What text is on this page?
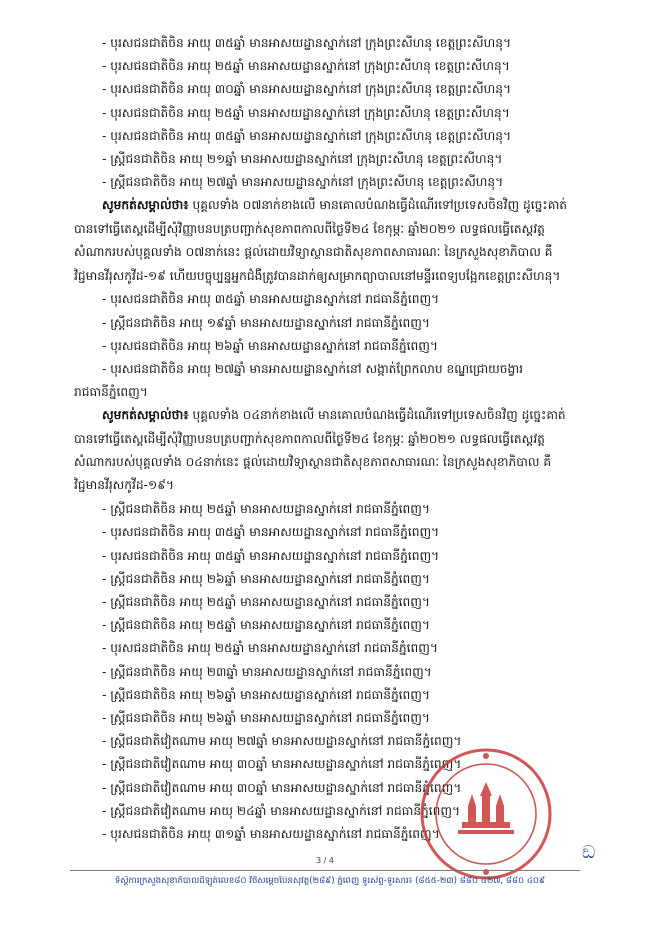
- បុរសជនជាតិចិន អាយុ ៣៥ឆ្នាំ មានអាសយដ្ឋានស្នាក់នៅ ក្រុងព្រះសីហនុ ខេត្តព្រះសីហនុ។
- បុរសជនជាតិចិន អាយុ ២៥ឆ្នាំ មានអាសយដ្ឋានស្នាក់នៅ ក្រុងព្រះសីហនុ ខេត្តព្រះសីហនុ។
- បុរសជនជាតិចិន អាយុ ៣០ឆ្នាំ មានអាសយដ្ឋានស្នាក់នៅ ក្រុងព្រះសីហនុ ខេត្តព្រះសីហនុ។
- បុរសជនជាតិចិន អាយុ ២៥ឆ្នាំ មានអាសយដ្ឋានស្នាក់នៅ ក្រុងព្រះសីហនុ ខេត្តព្រះសីហនុ។
- បុរសជនជាតិចិន អាយុ ៣៥ឆ្នាំ មានអាសយដ្ឋានស្នាក់នៅ ក្រុងព្រះសីហនុ ខេត្តព្រះសីហនុ។
- ស្ត្រីជនជាតិចិន អាយុ ២១ឆ្នាំ មានអាសយដ្ឋានស្នាក់នៅ ក្រុងព្រះសីហនុ ខេត្តព្រះសីហនុ។
- ស្ត្រីជនជាតិចិន អាយុ ២៧ឆ្នាំ មានអាសយដ្ឋានស្នាក់នៅ ក្រុងព្រះសីហនុ ខេត្តព្រះសីហនុ។
សូមកត់សម្គាល់ថា៖ បុគ្គលទាំង ០៧នាក់ខាងលើ មានគោលបំណងធ្វើដំណើរទៅប្រទេសចិនវិញ ដូច្នេះគាត់ បានទៅធ្វើតេស្តដើម្បីសុំវិញ្ញាបនបត្របញ្ជាក់សុខភាពកាលពីថ្ងៃទី២៤ ខែកុម្ភៈ ឆ្នាំ២០២១ លទ្ធផលធ្វើតេស្តវត្តសំណាករបស់បុគ្គលទាំង ០៧នាក់នេះ ផ្តល់ដោយវិទ្យាស្ថានជាតិសុខភាពសាធារណៈ នៃក្រសួងសុខាភិបាល គឺ វិជ្ជមានវីរុសកូវីដ-១៩ ហើយបច្ចុប្បន្នអ្នកជំងឺត្រូវបានដាក់ឲ្យសម្រាកព្យាបាលនៅមន្ទីរពេទ្យបង្អែកខេត្តព្រះសីហនុ។
- បុរសជនជាតិចិន អាយុ ៣៥ឆ្នាំ មានអាសយដ្ឋានស្នាក់នៅ រាជធានីភ្នំពេញ។
- ស្ត្រីជនជាតិចិន អាយុ ១៩ឆ្នាំ មានអាសយដ្ឋានស្នាក់នៅ រាជធានីភ្នំពេញ។
- បុរសជនជាតិចិន អាយុ ២៦ឆ្នាំ មានអាសយដ្ឋានស្នាក់នៅ រាជធានីភ្នំពេញ។
- បុរសជនជាតិចិន អាយុ ២៧ឆ្នាំ មានអាសយដ្ឋានស្នាក់នៅ សង្កាត់ព្រែកលាប ខណ្ឌជ្រោយចង្វារ
រាជធានីភ្នំពេញ។
សូមកត់សម្គាល់ថា៖ បុគ្គលទាំង ០៤នាក់ខាងលើ មានគោលបំណងធ្វើដំណើរទៅប្រទេសចិនវិញ ដូច្នេះគាត់ បានទៅធ្វើតេស្តដើម្បីសុំវិញ្ញាបនបត្របញ្ជាក់សុខភាពកាលពីថ្ងៃទី២៤ ខែកុម្ភៈ ឆ្នាំ២០២១ លទ្ធផលធ្វើតេស្តវត្តសំណាករបស់បុគ្គលទាំង ០៤នាក់នេះ ផ្តល់ដោយវិទ្យាស្ថានជាតិសុខភាពសាធារណៈ នៃក្រសួងសុខាភិបាល គឺ វិជ្ជមានវីរុសកូវីដ-១៩។
- ស្ត្រីជនជាតិចិន អាយុ ២៥ឆ្នាំ មានអាសយដ្ឋានស្នាក់នៅ រាជធានីភ្នំពេញ។
- បុរសជនជាតិចិន អាយុ ៣៥ឆ្នាំ មានអាសយដ្ឋានស្នាក់នៅ រាជធានីភ្នំពេញ។
- បុរសជនជាតិចិន អាយុ ៣៥ឆ្នាំ មានអាសយដ្ឋានស្នាក់នៅ រាជធានីភ្នំពេញ។
- ស្ត្រីជនជាតិចិន អាយុ ២៦ឆ្នាំ មានអាសយដ្ឋានស្នាក់នៅ រាជធានីភ្នំពេញ។
- ស្ត្រីជនជាតិចិន អាយុ ២៥ឆ្នាំ មានអាសយដ្ឋានស្នាក់នៅ រាជធានីភ្នំពេញ។
- ស្ត្រីជនជាតិចិន អាយុ ២៥ឆ្នាំ មានអាសយដ្ឋានស្នាក់នៅ រាជធានីភ្នំពេញ។
- បុរសជនជាតិចិន អាយុ ២៥ឆ្នាំ មានអាសយដ្ឋានស្នាក់នៅ រាជធានីភ្នំពេញ។
- ស្ត្រីជនជាតិចិន អាយុ ២៣ឆ្នាំ មានអាសយដ្ឋានស្នាក់នៅ រាជធានីភ្នំពេញ។
- ស្ត្រីជនជាតិចិន អាយុ ២៦ឆ្នាំ មានអាសយដ្ឋានស្នាក់នៅ រាជធានីភ្នំពេញ។
- ស្ត្រីជនជាតិចិន អាយុ ២៦ឆ្នាំ មានអាសយដ្ឋានស្នាក់នៅ រាជធានីភ្នំពេញ។
- ស្ត្រីជនជាតិវៀតណាម អាយុ ២៧ឆ្នាំ មានអាសយដ្ឋានស្នាក់នៅ រាជធានីភ្នំពេញ។
- ស្ត្រីជនជាតិវៀតណាម អាយុ ៣០ឆ្នាំ មានអាសយដ្ឋានស្នាក់នៅ រាជធានីភ្នំពេញ។
- ស្ត្រីជនជាតិវៀតណាម អាយុ ៣០ឆ្នាំ មានអាសយដ្ឋានស្នាក់នៅ រាជធានីភ្នំពេញ។
- ស្ត្រីជនជាតិវៀតណាម អាយុ ២៤ឆ្នាំ មានអាសយដ្ឋានស្នាក់នៅ រាជធានីភ្នំពេញ។
- បុរសជនជាតិចិន អាយុ ៣១ឆ្នាំ មានអាសយដ្ឋានស្នាក់នៅ រាជធានីភ្នំពេញ។
ඞ
3 / 4
ទីស្តីការក្រសួងសុខាភិបាលដីឡូត៍លេខ៨០ វិថីសម្តេចប៉ែនសុវត្ថ(២៨៩) ភ្នំពេញ ទូរស័ព្ទ-ទូរសារ៖ (៨៥៥-២៣) ៨៨០ ៤២៧, ៨៨០ ៤០៩
